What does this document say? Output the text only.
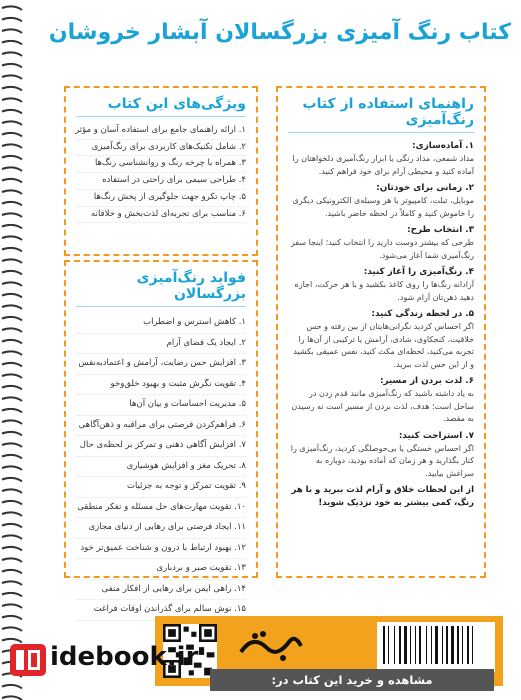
کتاب رنگ آمیزی بزرگسالان آبشار خروشان
ویژگی‌های این کتاب
۱. ارائه راهنمای جامع برای استفاده آسان و مؤثر
۲. شامل تکنیک‌های کاربردی برای رنگ‌آمیزی
۳. همراه با چرخه رنگ و روانشناسی رنگ‌ها
۴. طراحی سیمی برای راحتی در استفاده
۵. چاپ تکرو جهت جلوگیری از پخش رنگ‌ها
۶. مناسب برای تجربه‌ای لذت‌بخش و خلاقانه
فواید رنگ‌آمیزی بزرگسالان
۱. کاهش استرس و اضطراب
۲. ایجاد یک فضای آرام
۳. افزایش حس رضایت، آرامش و اعتماد‌به‌نفس
۴. تقویت نگرش مثبت و بهبود خلق‌وخو
۵. مدیریت احساسات و بیان آن‌ها
۶. فراهم‌کردن فرصتی برای مراقبه و ذهن‌آگاهی
۷. افزایش آگاهی ذهنی و تمرکز بر لحظه‌ی حال
۸. تحریک مغز و افزایش هوشیاری
۹. تقویت تمرکز و توجه به جزئیات
۱۰. تقویت مهارت‌های حل مسئله و تفکر منطقی
۱۱. ایجاد فرصتی برای رهایی از دنیای مجازی
۱۲. بهبود ارتباط با درون و شناخت عمیق‌تر خود
۱۳. تقویت صبر و بردباری
۱۴. راهی ایمن برای رهایی از افکار منفی
۱۵. نوش سالم برای گذراندن اوقات فراغت
راهنمای استفاده از کتاب رنگ‌آمیزی
۱. آماده‌سازی:

مداد شمعی، مداد رنگی یا ابزار رنگ‌آمیزی دلخواهتان را آماده کنید و محیطی آرام برای خود فراهم کنید.

۲. زمانی برای خودتان:

موبایل، تبلت، کامپیوتر یا هر وسیله‌ی الکترونیکی دیگری را خاموش کنید و کاملاً در لحظه حاضر باشید.

۳. انتخاب طرح:

طرحی که بیشتر دوست دارید را انتخاب کنید؛ اینجا سفر رنگ‌آمیزی شما آغاز می‌شود.

۴. رنگ‌آمیزی را آغاز کنید:

آزادانه رنگ‌ها را روی کاغذ بکشید و با هر حرکت، اجازه دهید ذهن‌تان آرام شود.

۵. در لحظه زندگی کنید:

اگر احساس کردید نگرانی‌هایتان از بین رفته و حس خلاقیت، کنجکاوی، شادی، آرامش یا ترکیبی از آن‌ها را تجربه می‌کنید، لحظه‌ای مکث کنید، نفس عمیقی بکشید و از این حس لذت ببرید.

۶. لذت بردن از مسیر:

به یاد داشته باشید که رنگ‌آمیزی مانند قدم زدن در ساحل است؛ هدف، لذت بردن از مسیر است نه رسیدن به مقصد.

۷. استراحت کنید:

اگر احساس خستگی یا بی‌حوصلگی کردید، رنگ‌آمیزی را کنار بگذارید و هر زمان که آماده بودید، دوباره به سراغش بیایید.

از این لحظات خلاق و آرام لذت ببرید و با هر رنگ، کمی بیشتر به خود نزدیک شوید!
idebook.ir
مشاهده و خرید این کتاب در:
